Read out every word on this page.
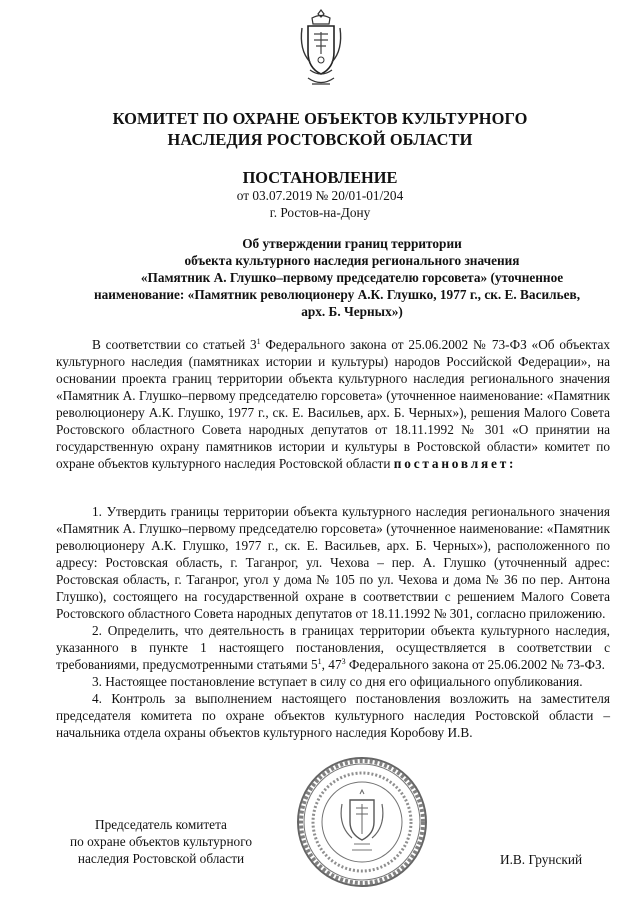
КОМИТЕТ ПО ОХРАНЕ ОБЪЕКТОВ КУЛЬТУРНОГО
НАСЛЕДИЯ РОСТОВСКОЙ ОБЛАСТИ
ПОСТАНОВЛЕНИЕ
от 03.07.2019 № 20/01-01/204
г. Ростов-на-Дону
Об утверждении границ территории
объекта культурного наследия регионального значения
«Памятник А. Глушко–первому председателю горсовета» (уточненное
наименование: «Памятник революционеру А.К. Глушко, 1977 г., ск. Е. Васильев,
арх. Б. Черных»)

В соответствии со статьей $3^1$ Федерального закона от 25.06.2002 № 73-ФЗ «Об объектах культурного наследия (памятниках истории и культуры) народов Российской Федерации», на основании проекта границ территории объекта культурного наследия регионального значения «Памятник А. Глушко–первому председателю горсовета» (уточненное наименование: «Памятник революционеру А.К. Глушко, 1977 г., ск. Е. Васильев, арх. Б. Черных»), решения Малого Совета Ростовского областного Совета народных депутатов от 18.11.1992 № 301 «О принятии на государственную охрану памятников истории и культуры в Ростовской области» комитет по охране объектов культурного наследия Ростовской области постановляет:

1. Утвердить границы территории объекта культурного наследия регионального значения «Памятник А. Глушко–первому председателю горсовета» (уточненное наименование: «Памятник революционеру А.К. Глушко, 1977 г., ск. Е. Васильев, арх. Б. Черных»), расположенного по адресу: Ростовская область, г. Таганрог, ул. Чехова – пер. А. Глушко (уточненный адрес: Ростовская область, г. Таганрог, угол у дома № 105 по ул. Чехова и дома № 36 по пер. Антона Глушко), состоящего на государственной охране в соответствии с решением Малого Совета Ростовского областного Совета народных депутатов от 18.11.1992 № 301, согласно приложению.

2. Определить, что деятельность в границах территории объекта культурного наследия, указанного в пункте 1 настоящего постановления, осуществляется в соответствии с требованиями, предусмотренными статьями $5^1$, $47^3$ Федерального закона от 25.06.2002 № 73-ФЗ.

3. Настоящее постановление вступает в силу со дня его официального опубликования.

4. Контроль за выполнением настоящего постановления возложить на заместителя председателя комитета по охране объектов культурного наследия Ростовской области – начальника отдела охраны объектов культурного наследия Коробову И.В.

Председатель комитета
по охране объектов культурного
наследия Ростовской области	И.В. Грунский
